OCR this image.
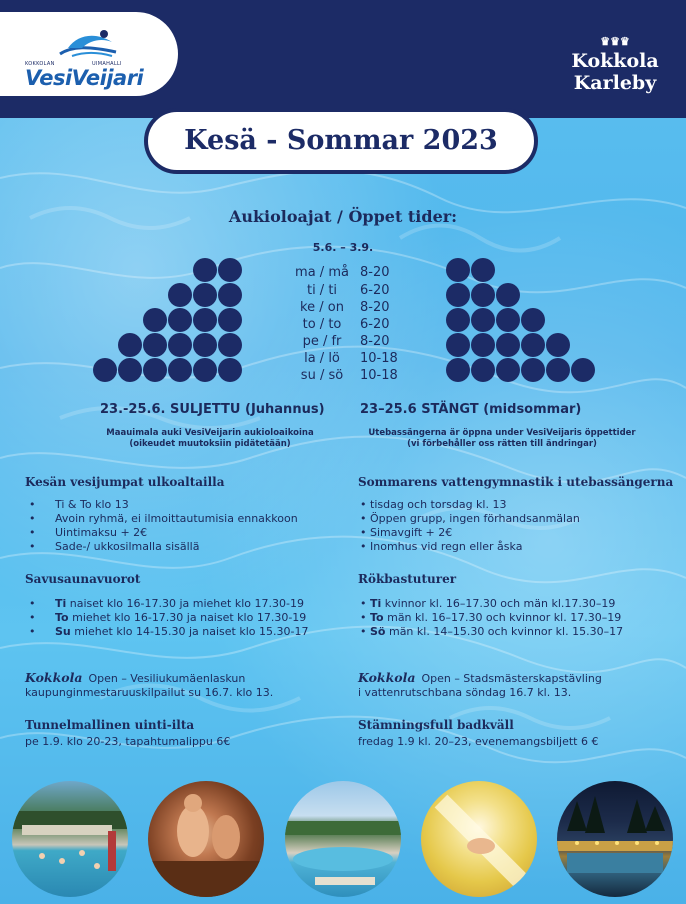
KOKKOLAN	UIMAHALLI
VesiVeijari
♛♛♛
Kokkola
Karleby
Kesä - Sommar 2023
Aukioloajat / Öppet tider:
5.6. – 3.9.
ma / må 8-20
ti / ti	6-20
ke / on	8-20
to / to	6-20
pe / fr	8-20
la / lö	10-18
su / sö	10-18
23.-25.6. SULJETTU (Juhannus)	23–25.6 STÄNGT (midsommar)
Maauimala auki VesiVeijarin aukioloaikoina
(oikeudet muutoksiin pidätetään)
Utebassängerna är öppna under VesiVeijaris öppettider
(vi förbehåller oss rätten till ändringar)
Kesän vesijumpat ulkoaltailla
• Ti & To klo 13
• Avoin ryhmä, ei ilmoittautumisia ennakkoon
• Uintimaksu + 2€
• Sade-/ ukkosilmalla sisällä
Sommarens vattengymnastik i utebassängerna
• tisdag och torsdag kl. 13
• Öppen grupp, ingen förhandsanmälan
• Simavgift + 2€
• Inomhus vid regn eller åska
Savusaunavuorot
• Ti naiset klo 16-17.30 ja miehet klo 17.30-19
• To miehet klo 16-17.30 ja naiset klo 17.30-19
• Su miehet klo 14-15.30 ja naiset klo 15.30-17
Rökbastuturer
• Ti kvinnor kl. 16–17.30 och män kl.17.30–19
• To män kl. 16–17.30 och kvinnor kl. 17.30–19
• Sö män kl. 14–15.30 och kvinnor kl. 15.30–17
Kokkola Open – Vesiliukumäenlaskun
kaupunginmestaruuskilpailut su 16.7. klo 13.
Kokkola Open – Stadsmästerskapstävling
i vattenrutschbana söndag 16.7 kl. 13.
Tunnelmallinen uinti-ilta
pe 1.9. klo 20-23, tapahtumalippu 6€
Stämningsfull badkväll
fredag 1.9 kl. 20–23, evenemangsbiljett 6 €
